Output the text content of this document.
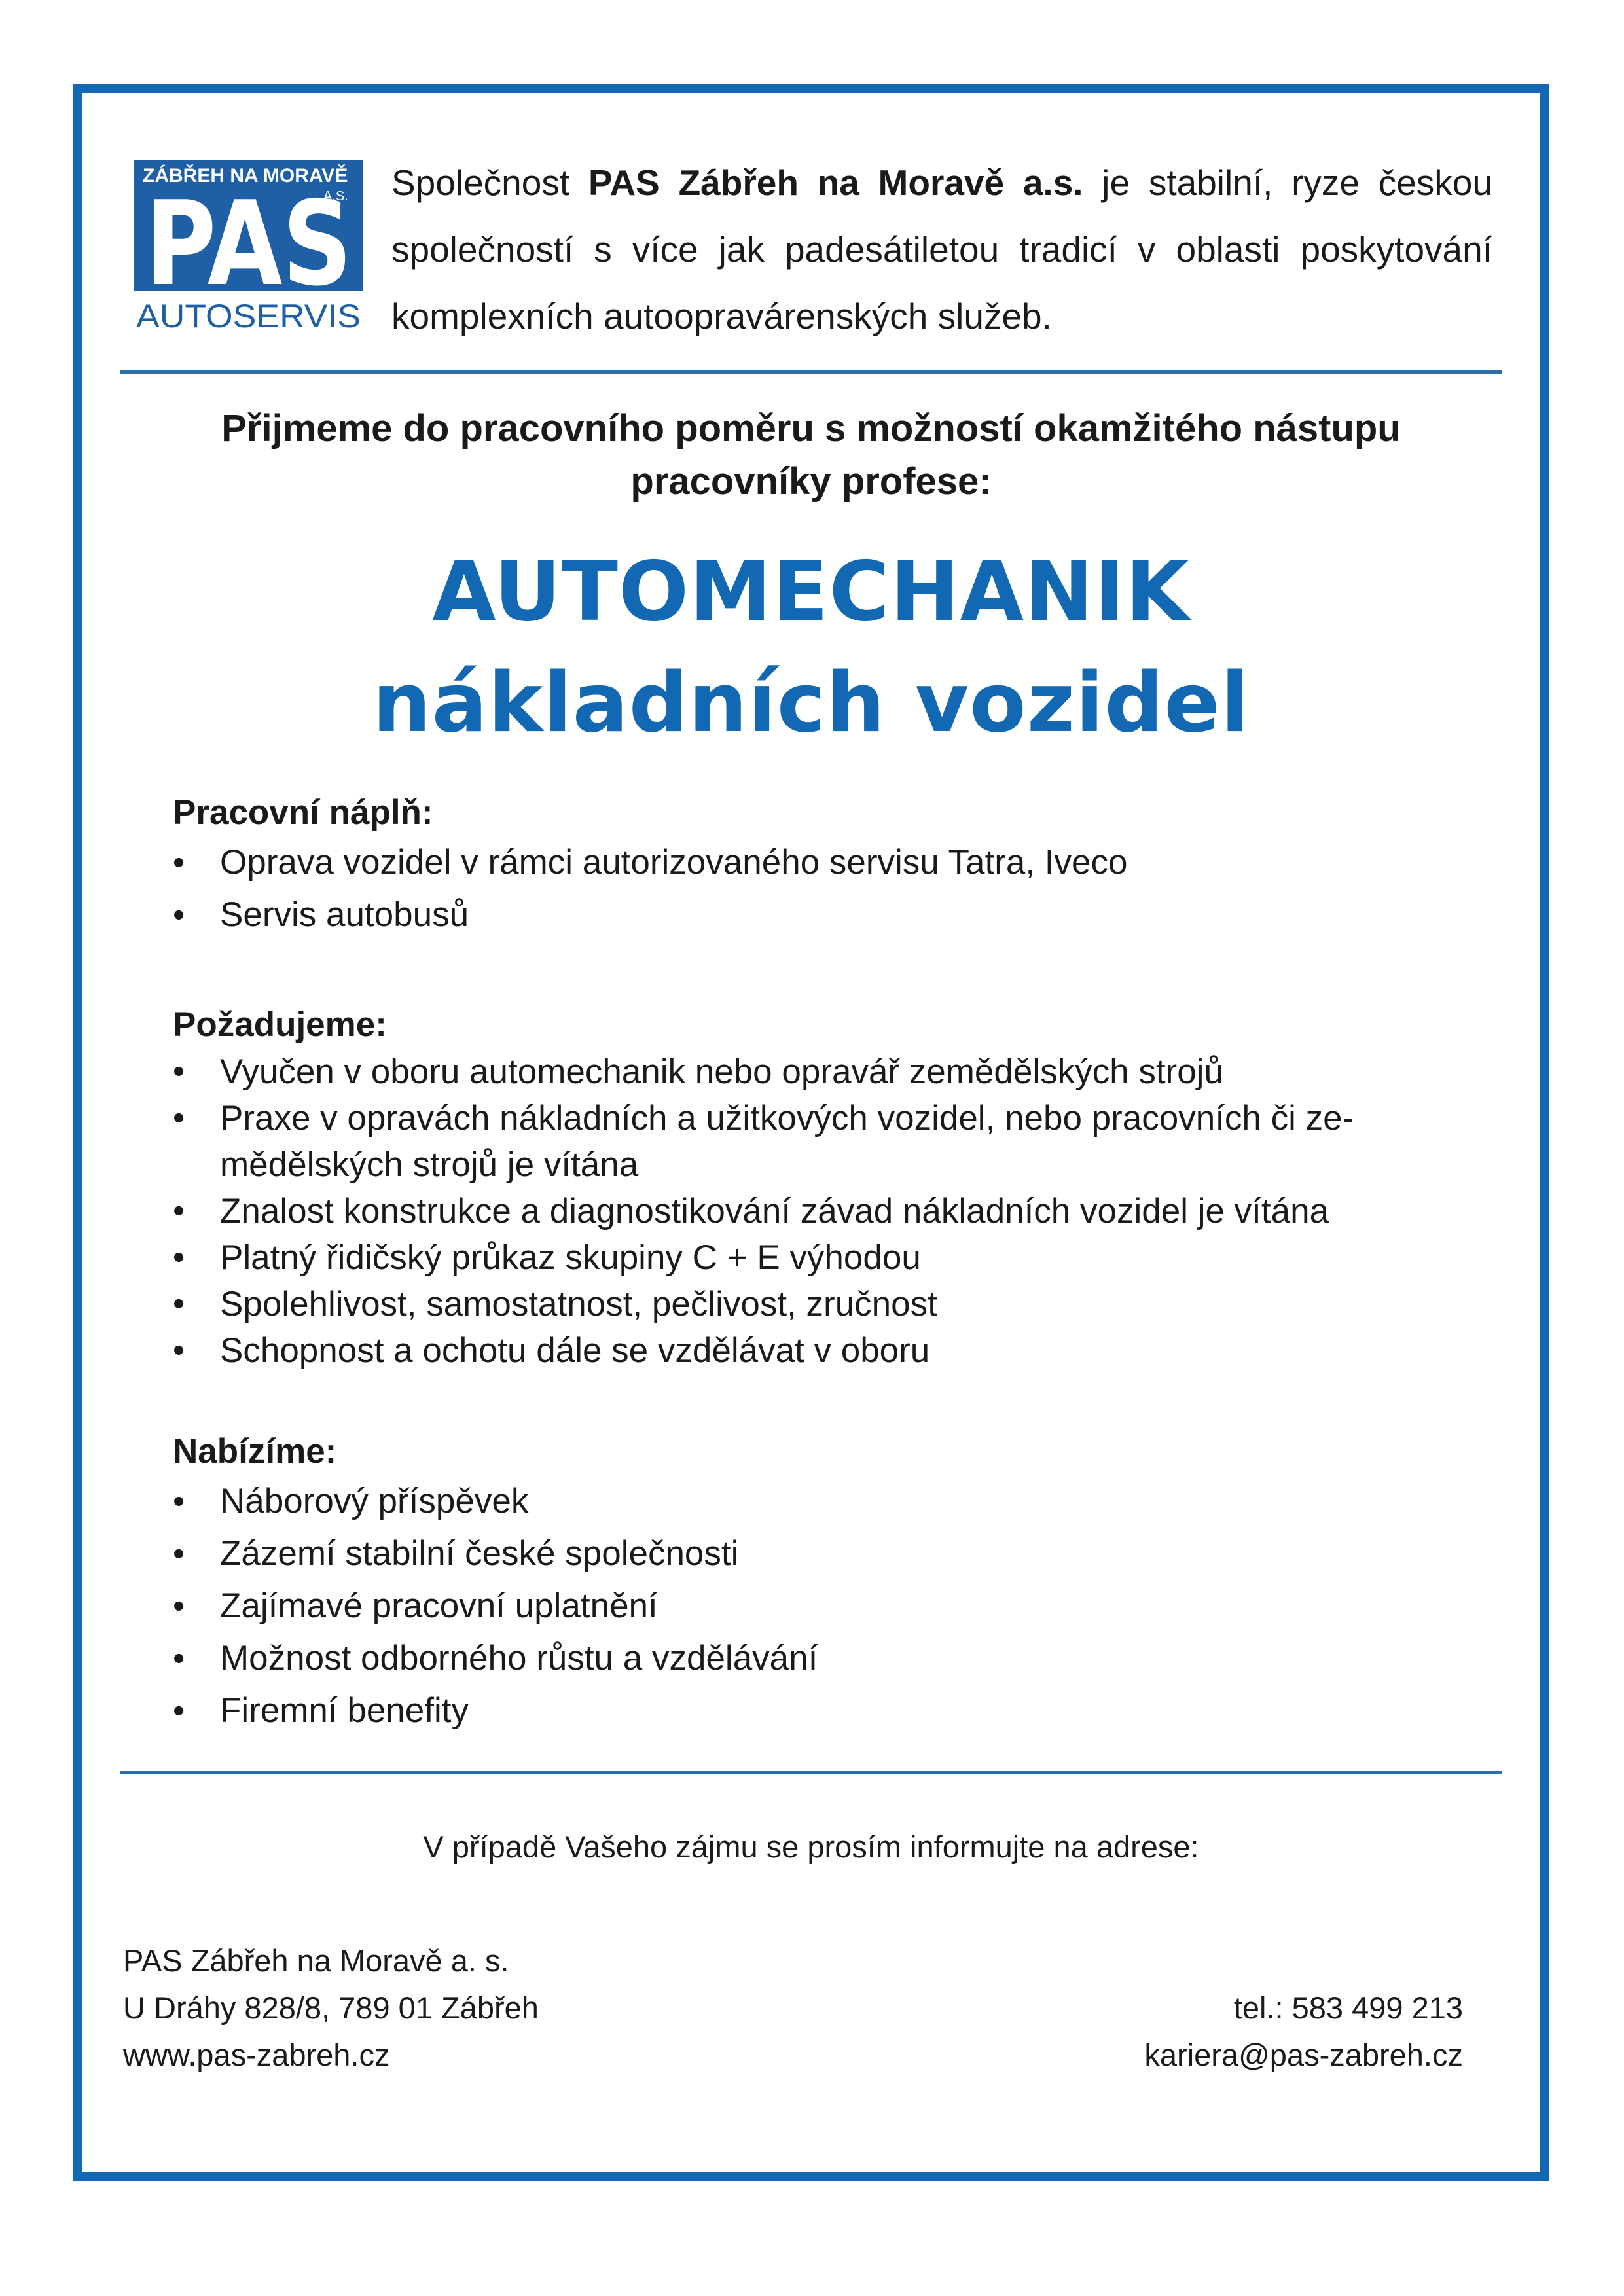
ZÁBŘEH NA MORAVĚ
A.S.
PAS
AUTOSERVIS
Společnost PAS Zábřeh na Moravě a.s. je stabilní, ryze českou společností s více jak padesátiletou tradicí v oblasti poskytování komplexních autoopravárenských služeb.
Přijmeme do pracovního poměru s možností okamžitého nástupu
pracovníky profese:
AUTOMECHANIK
nákladních vozidel
Pracovní náplň:
• Oprava vozidel v rámci autorizovaného servisu Tatra, Iveco
• Servis autobusů
Požadujeme:
• Vyučen v oboru automechanik nebo opravář zemědělských strojů
• Praxe v opravách nákladních a užitkových vozidel, nebo pracovních či ze-mědělských strojů je vítána
• Znalost konstrukce a diagnostikování závad nákladních vozidel je vítána
• Platný řidičský průkaz skupiny C + E výhodou
• Spolehlivost, samostatnost, pečlivost, zručnost
• Schopnost a ochotu dále se vzdělávat v oboru
Nabízíme:
• Náborový příspěvek
• Zázemí stabilní české společnosti
• Zajímavé pracovní uplatnění
• Možnost odborného růstu a vzdělávání
• Firemní benefity
V případě Vašeho zájmu se prosím informujte na adrese:
PAS Zábřeh na Moravě a. s.
U Dráhy 828/8, 789 01 Zábřeh
www.pas-zabreh.cz
tel.: 583 499 213
kariera@pas-zabreh.cz
